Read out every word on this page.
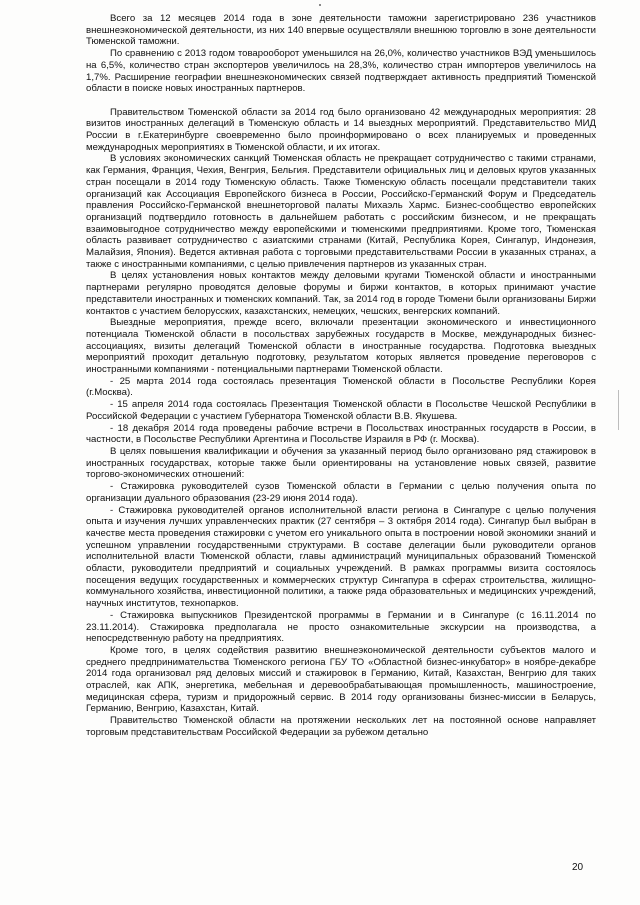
Всего за 12 месяцев 2014 года в зоне деятельности таможни зарегистрировано 236 участников внешнеэкономической деятельности, из них 140 впервые осуществляли внешнюю торговлю в зоне деятельности Тюменской таможни.

По сравнению с 2013 годом товарооборот уменьшился на 26,0%, количество участников ВЭД уменьшилось на 6,5%, количество стран экспортеров увеличилось на 28,3%, количество стран импортеров увеличилось на 1,7%. Расширение географии внешнеэкономических связей подтверждает активность предприятий Тюменской области в поиске новых иностранных партнеров.

Правительством Тюменской области за 2014 год было организовано 42 международных мероприятия: 28 визитов иностранных делегаций в Тюменскую область и 14 выездных мероприятий. Представительство МИД России в г.Екатеринбурге своевременно было проинформировано о всех планируемых и проведенных международных мероприятиях в Тюменской области, и их итогах.

В условиях экономических санкций Тюменская область не прекращает сотрудничество с такими странами, как Германия, Франция, Чехия, Венгрия, Бельгия. Представители официальных лиц и деловых кругов указанных стран посещали в 2014 году Тюменскую область. Также Тюменскую область посещали представители таких организаций как Ассоциация Европейского бизнеса в России, Российско-Германский Форум и Председатель правления Российско-Германской внешнеторговой палаты Михаэль Хармс. Бизнес-сообщество европейских организаций подтвердило готовность в дальнейшем работать с российским бизнесом, и не прекращать взаимовыгодное сотрудничество между европейскими и тюменскими предприятиями. Кроме того, Тюменская область развивает сотрудничество с азиатскими странами (Китай, Республика Корея, Сингапур, Индонезия, Малайзия, Япония). Ведется активная работа с торговыми представительствами России в указанных странах, а также с иностранными компаниями, с целью привлечения партнеров из указанных стран.

В целях установления новых контактов между деловыми кругами Тюменской области и иностранными партнерами регулярно проводятся деловые форумы и биржи контактов, в которых принимают участие представители иностранных и тюменских компаний. Так, за 2014 год в городе Тюмени были организованы Биржи контактов с участием белорусских, казахстанских, немецких, чешских, венгерских компаний.

Выездные мероприятия, прежде всего, включали презентации экономического и инвестиционного потенциала Тюменской области в посольствах зарубежных государств в Москве, международных бизнес-ассоциациях, визиты делегаций Тюменской области в иностранные государства. Подготовка выездных мероприятий проходит детальную подготовку, результатом которых является проведение переговоров с иностранными компаниями - потенциальными партнерами Тюменской области.

- 25 марта 2014 года состоялась презентация Тюменской области в Посольстве Республики Корея (г.Москва).

- 15 апреля 2014 года состоялась Презентация Тюменской области в Посольстве Чешской Республики в Российской Федерации с участием Губернатора Тюменской области В.В. Якушева.

- 18 декабря 2014 года проведены рабочие встречи в Посольствах иностранных государств в России, в частности, в Посольстве Республики Аргентина и Посольстве Израиля в РФ (г. Москва).

В целях повышения квалификации и обучения за указанный период было организовано ряд стажировок в иностранных государствах, которые также были ориентированы на установление новых связей, развитие торгово-экономических отношений:

- Стажировка руководителей сузов Тюменской области в Германии с целью получения опыта по организации дуального образования (23-29 июня 2014 года).

- Стажировка руководителей органов исполнительной власти региона в Сингапуре с целью получения опыта и изучения лучших управленческих практик (27 сентября – 3 октября 2014 года). Сингапур был выбран в качестве места проведения стажировки с учетом его уникального опыта в построении новой экономики знаний и успешном управлении государственными структурами. В составе делегации были руководители органов исполнительной власти Тюменской области, главы администраций муниципальных образований Тюменской области, руководители предприятий и социальных учреждений. В рамках программы визита состоялось посещения ведущих государственных и коммерческих структур Сингапура в сферах строительства, жилищно-коммунального хозяйства, инвестиционной политики, а также ряда образовательных и медицинских учреждений, научных институтов, технопарков.

- Стажировка выпускников Президентской программы в Германии и в Сингапуре (с 16.11.2014 по 23.11.2014). Стажировка предполагала не просто ознакомительные экскурсии на производства, а непосредственную работу на предприятиях.

Кроме того, в целях содействия развитию внешнеэкономической деятельности субъектов малого и среднего предпринимательства Тюменского региона ГБУ ТО «Областной бизнес-инкубатор» в ноябре-декабре 2014 года организовал ряд деловых миссий и стажировок в Германию, Китай, Казахстан, Венгрию для таких отраслей, как АПК, энергетика, мебельная и деревообрабатывающая промышленность, машиностроение, медицинская сфера, туризм и придорожный сервис. В 2014 году организованы бизнес-миссии в Беларусь, Германию, Венгрию, Казахстан, Китай.

Правительство Тюменской области на протяжении нескольких лет на постоянной основе направляет торговым представительствам Российской Федерации за рубежом детально

20
